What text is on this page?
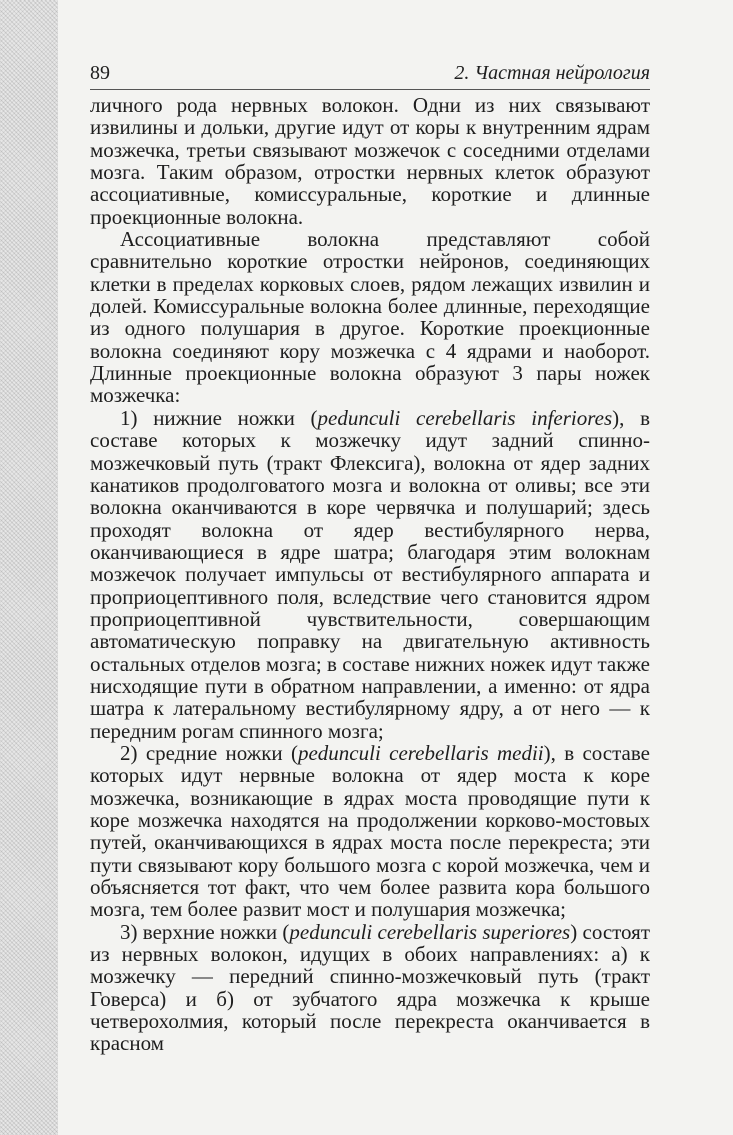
89	2. Частная нейрология

личного рода нервных волокон. Одни из них связывают извилины и дольки, другие идут от коры к внутренним ядрам мозжечка, третьи связывают мозжечок с соседними отделами мозга. Таким образом, отростки нервных клеток образуют ассоциативные, комиссуральные, короткие и длинные проекционные волокна.

Ассоциативные волокна представляют собой сравнительно короткие отростки нейронов, соединяющих клетки в пределах корковых слоев, рядом лежащих извилин и долей. Комиссуральные волокна более длинные, переходящие из одного полушария в другое. Короткие проекционные волокна соединяют кору мозжечка с 4 ядрами и наоборот. Длинные проекционные волокна образуют 3 пары ножек мозжечка:

1) нижние ножки (pedunculi cerebellaris inferiores), в составе которых к мозжечку идут задний спинно-мозжечковый путь (тракт Флексига), волокна от ядер задних канатиков продолговатого мозга и волокна от оливы; все эти волокна оканчиваются в коре червячка и полушарий; здесь проходят волокна от ядер вестибулярного нерва, оканчивающиеся в ядре шатра; благодаря этим волокнам мозжечок получает импульсы от вестибулярного аппарата и проприоцептивного поля, вследствие чего становится ядром проприоцептивной чувствительности, совершающим автоматическую поправку на двигательную активность остальных отделов мозга; в составе нижних ножек идут также нисходящие пути в обратном направлении, а именно: от ядра шатра к латеральному вестибулярному ядру, а от него — к передним рогам спинного мозга;

2) средние ножки (pedunculi cerebellaris medii), в составе которых идут нервные волокна от ядер моста к коре мозжечка, возникающие в ядрах моста проводящие пути к коре мозжечка находятся на продолжении корково-мостовых путей, оканчивающихся в ядрах моста после перекреста; эти пути связывают кору большого мозга с корой мозжечка, чем и объясняется тот факт, что чем более развита кора большого мозга, тем более развит мост и полушария мозжечка;

3) верхние ножки (pedunculi cerebellaris superiores) состоят из нервных волокон, идущих в обоих направлениях: а) к мозжечку — передний спинно-мозжечковый путь (тракт Говерса) и б) от зубчатого ядра мозжечка к крыше четверохолмия, который после перекреста оканчивается в красном
